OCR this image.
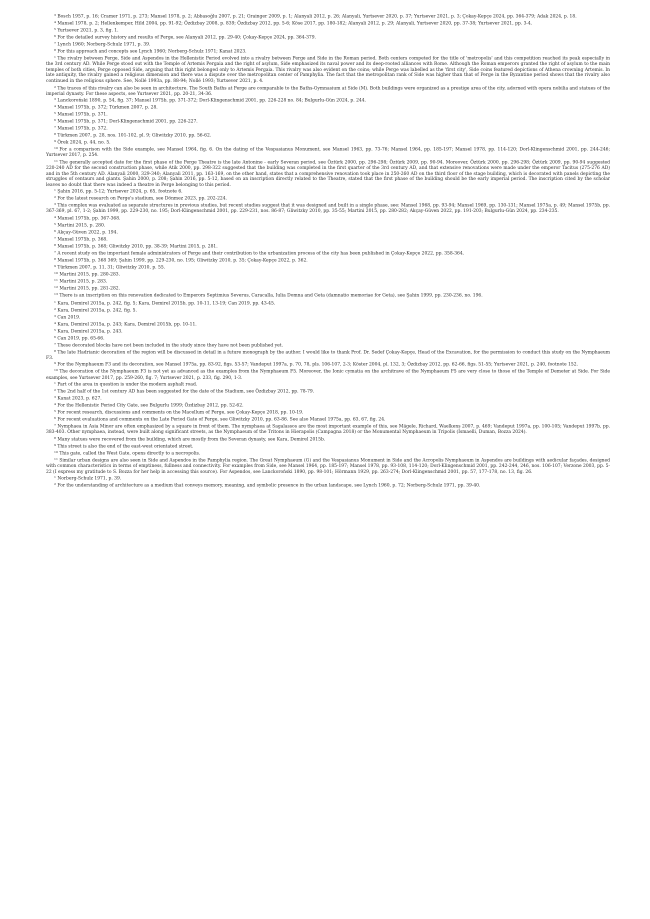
$^3$Bosch 1957, p. 16; Cramer 1971, p. 273; Mansel 1978, p. 2; Abbasoğlu 2007, p. 21; Grainger 2009, p. 1; Alanyali 2012, p. 26; Alanyali, Yurtsever 2020, p. 37; Yurtsever 2021, p. 3; Çokay-Kepçe 2024, pp. 364-379; Adak 2024, p. 18.

$^4$Mansel 1978, p. 2; Hellenkemper, Hild 2004, pp. 91-92; Özdizbay 2008, p. 839; Özdizbay 2012, pp. 5-6; Köse 2017, pp. 180-182; Alanyali 2012, p. 29; Alanyali, Yurtsever 2020, pp. 37-38; Yurtsever 2021, pp. 3-4.

$^5$Yurtsever 2021, p. 3, fig. 1.

$^6$For the detailed survey history and results of Perge, see Alanyali 2012, pp. 29-40; Çokay-Kepçe 2024, pp. 364-379.

$^7$Lynch 1960; Norberg-Schulz 1971, p. 39.

$^8$For this approach and concepts see Lynch 1960; Norberg-Schulz 1971; Kanat 2023.

$^1$The rivalry between Perge, Side and Aspendos in the Hellenistic Period evolved into a rivalry between Perge and Side in the Roman period. Both centers competed for the title of 'metropolis' and this competition reached its peak especially in the 3rd century AD. While Perge stood out with the Temple of Artemis Pergaia and the right of asylum, Side emphasized its naval power and its deep-rooted alliances with Rome. Although the Roman emperors granted the right of asylum to the main temples of both cities, Perge opposed Side, arguing that this right belonged only to Artemis Pergaia. This rivalry was also evident on the coins; while Perge was labelled as the 'first city', Side coins featured depictions of Athena crowning Artemis. In late antiquity, the rivalry gained a religious dimension and there was a dispute over the metropolitan center of Pamphylia. The fact that the metropolitan rank of Side was higher than that of Perge in the Byzantine period shows that the rivalry also continued in the religious sphere. See, Nollé 1993a, pp. 88-94; Nollé 1993; Yurtsever 2021, p. 4.

$^2$The traces of this rivalry can also be seen in architecture. The South Baths at Perge are comparable to the Baths-Gymnasium at Side (M). Both buildings were organized as a prestige area of the city, adorned with opera nobilia and statues of the imperial dynasty. For these aspects, see Yurtsever 2021, pp. 20-21, 34-36.

$^3$Lanckoroński 1890, p. 54, fig. 37; Mansel 1975b, pp. 371-372; Dorl-Klingenschmid 2001, pp. 226-228 no. 84; Bulgurlu-Gün 2024, p. 244.

$^4$Mansel 1975b, p. 372; Türkmen 2007, p. 28.

$^5$Mansel 1975b, p. 371.

$^6$Mansel 1975b, p. 371; Dorl-Klingenschmid 2001, pp. 226-227.

$^7$Mansel 1975b, p. 372.

$^8$Türkmen 2007, p. 28, nos. 101-102, pl. 9; Gliwitzky 2010, pp. 56-62.

$^9$Örek 2024, p. 44, no. 5.

$^{10}$For a comparison with the Side example, see Mansel 1964, fig. 6. On the dating of the Vespasianus Monument, see Mansel 1963, pp. 73-76; Mansel 1964, pp. 185-197; Mansel 1978, pp. 114-120; Dorl-Klingenschmid 2001, pp. 244-246; Yurtsever 2017, p. 254.

$^{11}$The generally accepted date for the first phase of the Perge Theatre is the late Antonine - early Severan period, see Öztürk 2000, pp. 296-298; Öztürk 2009, pp. 90-94. Moreover, Öztürk 2000, pp. 296-298; Öztürk 2009, pp. 90-94 suggested 220-240 AD for the second construction phase, while Atik 2000, pp. 298-322 suggested that the building was completed in the first quarter of the 3rd century AD, and that extensive renovations were made under the emperor Tacitus (275-276 AD) and in the 5th century AD. Alanyali 2000, 329-340; Alanyali 2011, pp. 163-169, on the other hand, states that a comprehensive renovation took place in 250-260 AD on the third floor of the stage building, which is decorated with panels depicting the struggles of centaurs and giants. Şahin 2000, p. 208; Şahin 2016, pp. 5-12, based on an inscription directly related to the Theatre, stated that the first phase of the building should be the early imperial period. The inscription cited by the scholar leaves no doubt that there was indeed a theatre in Perge belonging to this period.

$^1$Şahin 2016, pp. 5-12; Yurtsever 2024, p. 65, footnote 6.

$^2$For the latest research on Perge's stadium, see Dönmez 2023, pp. 202-224.

$^3$This complex was evaluated as separate structures in previous studies, but recent studies suggest that it was designed and built in a single phase, see: Mansel 1968, pp. 93-94; Mansel 1969, pp. 130-131; Mansel 1975a, p. 49; Mansel 1975b, pp. 367-369, pl. 67, 1-2; Şahin 1999, pp. 229-230, no. 195; Dorl-Klingenschmid 2001, pp. 229-231, nos. 86-87; Gliwitzky 2010, pp. 35-55; Martini 2015, pp. 280-282; Akçay-Güven 2022, pp. 191-203; Bulgurlu-Gün 2024, pp. 234-235.

$^4$Mansel 1975b, pp. 367-368.

$^5$Martini 2015, p. 280.

$^6$Akçay-Güven 2022, p. 194.

$^7$Mansel 1975b, p. 368.

$^8$Mansel 1975b, p. 368; Gliwitzky 2010, pp. 38-39; Martini 2015, p. 281.

$^7$A recent study on the important female administrators of Perge and their contribution to the urbanization process of the city has been published in Çokay-Kepçe 2022, pp. 358-364.

$^8$Mansel 1975b, p. 368 369; Şahin 1999, pp. 229-230, no. 195; Gliwitzky 2010, p. 35; Çokay-Kepçe 2022, p. 362.

$^9$Türkmen 2007, p. 11, 31; Gliwitzky 2010, p. 55.

$^{10}$Martini 2015, pp. 280-283.

$^{11}$Martini 2015, p. 283.

$^{12}$Martini 2015, pp. 281-282.

$^{13}$There is an inscription on this renovation dedicated to Emperors Septimius Severus, Caracalla, Iulia Domna and Geta (damnatio memoriae for Geta), see Şahin 1999, pp. 230-236, no. 196.

$^1$Kara, Demirel 2015a, p. 242, fig. 5; Kara, Demirel 2015b, pp. 10-11, 13-19; Can 2019, pp. 43-45.

$^2$Kara, Demirel 2015a, p. 242, fig. 5.

$^3$Can 2019.

$^4$Kara, Demirel 2015a, p. 243; Kara, Demirel 2015b, pp. 10-11.

$^5$Kara, Demirel 2015a, p. 243.

$^6$Can 2019, pp. 65-66.

$^7$These decorated blocks have not been included in the study since they have not been published yet.

$^8$The late Hadrianic decoration of the region will be discussed in detail in a future monograph by the author. I would like to thank Prof. Dr. Sedef Çokay-Kepçe, Head of the Excavation, for the permission to conduct this study on the Nymphaeum F3.

$^9$For the Nymphaeum F3 and its decoration, see Mansel 1975a, pp. 83-92, figs. 53-57; Vandeput 1997a, p. 70, 78, pls. 106-107, 2-3; Köster 2004, pl. 132, 3; Özdizbay 2012, pp. 62-66, figs. 51-55; Yurtsever 2021, p. 240, footnote 152.

$^{10}$The decoration of the Nymphaeum F3 is not yet as advanced as the examples from the Nymphaeum F5. Moreover, the Ionic cymatia on the architrave of the Nymphaeum F5 are very close to those of the Temple of Demeter at Side. For Side examples, see Yurtsever 2017, pp. 259-260, fig. 7; Yurtsever 2021, p. 233, fig. 290, 1-3.

$^1$Part of the area in question is under the modern asphalt road.

$^2$The 2nd half of the 1st century AD has been suggested for the date of the Stadium, see Özdizbay 2012, pp. 78-79.

$^3$Kanat 2023, p. 627.

$^4$For the Hellenistic Period City Gate, see Bulgurlu 1999; Özdizbay 2012, pp. 52-62.

$^5$For recent research, discussions and comments on the Macellum of Perge, see Çokay-Kepçe 2018, pp. 10-19.

$^6$For recent evaluations and comments on the Late Period Gate of Perge, see Gliwitzky 2010, pp. 63-86. See also Mansel 1975a, pp. 63, 67, fig. 24.

$^7$Nymphaea in Asia Minor are often emphasized by a square in front of them. The nymphaea at Sagalassos are the most important example of this, see Mägele, Richard, Waelkens 2007, p. 469; Vandeput 1997a, pp. 100-105; Vandeput 1997b, pp. 383-403. Other nymphaea, instead, were built along significant streets, as the Nymphaeum of the Tritons in Hierapolis (Campagna 2018) or the Monumental Nymphaeum in Tripolis (İsmaelli, Duman, Bozza 2024).

$^8$Many statues were recovered from the building, which are mostly from the Severan dynasty, see Kara, Demirel 2015b.

$^9$This street is also the end of the east-west orientated street.

$^{10}$This gate, called the West Gate, opens directly to a necropolis.

$^{11}$Similar urban designs are also seen in Side and Aspendos in the Pamphylia region. The Great Nymphaeum (G) and the Vespasianus Monument in Side and the Acropolis Nymphaeum in Aspendos are buildings with aedicular façades, designed with common characteristics in terms of emptiness, fullness and connectivity. For examples from Side, see Mansel 1964, pp. 185-197; Mansel 1978, pp. 93-108, 114-120; Dorl-Klingenschmid 2001, pp. 242-244, 246, nos. 106-107; Verzone 2003, pp. 5-22 (I express my gratitude to S. Bozza for her help in accessing this source). For Aspendos, see Lanckoroński 1890, pp. 98-101; Hörmann 1929, pp. 263-274; Dorl-Klingenschmid 2001, pp. 57, 177-178, no. 13, fig. 26.

$^1$Norberg-Schulz 1971, p. 39.

$^2$For the understanding of architecture as a medium that conveys memory, meaning, and symbolic presence in the urban landscape, see Lynch 1960, p. 72; Norberg-Schulz 1971, pp. 39-40.
